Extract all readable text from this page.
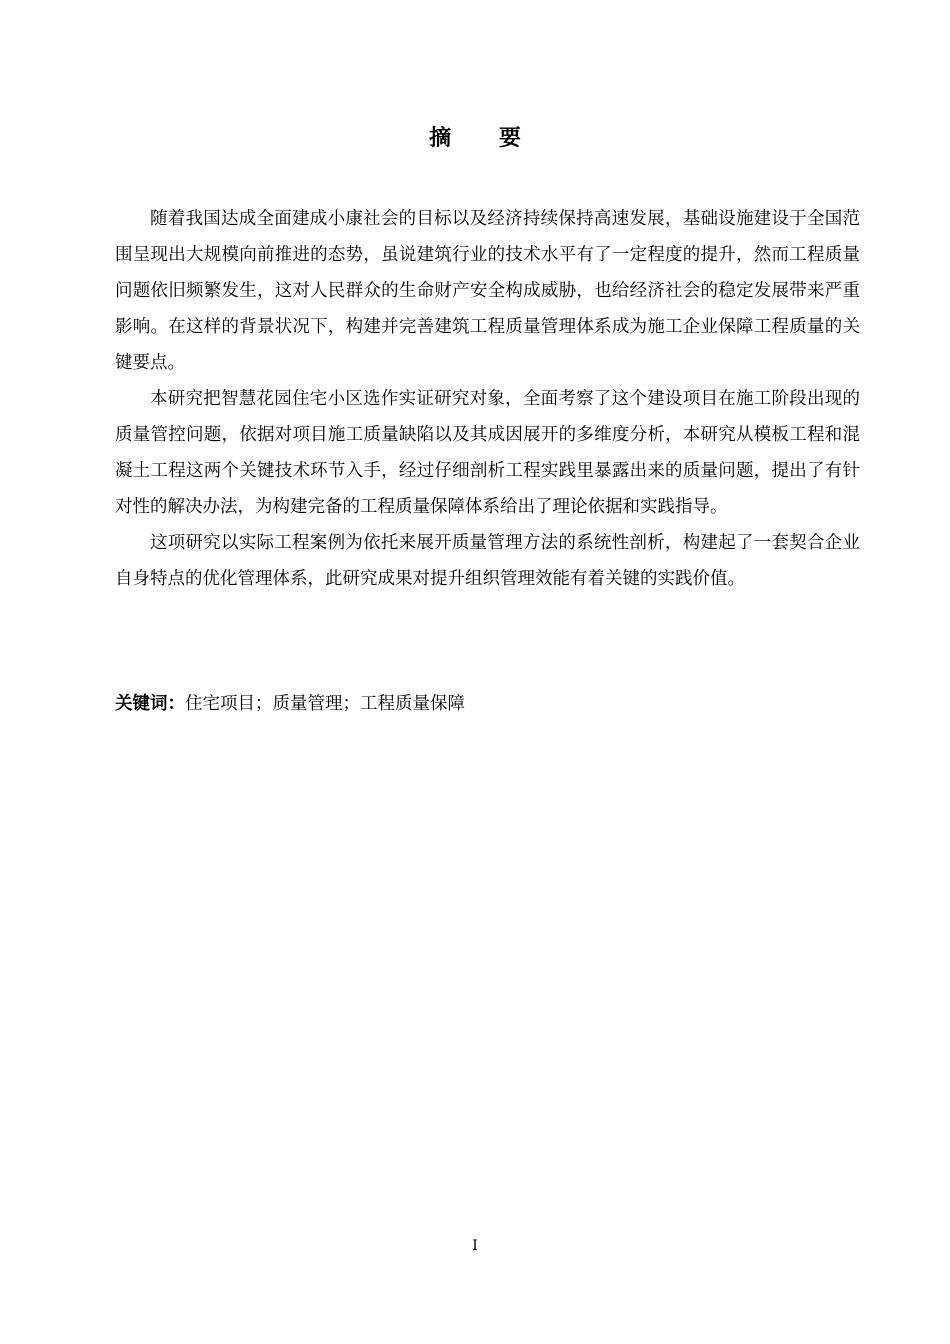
摘 要

随着我国达成全面建成小康社会的目标以及经济持续保持高速发展，基础设施建设于全国范围呈现出大规模向前推进的态势，虽说建筑行业的技术水平有了一定程度的提升，然而工程质量问题依旧频繁发生，这对人民群众的生命财产安全构成威胁，也给经济社会的稳定发展带来严重影响。在这样的背景状况下，构建并完善建筑工程质量管理体系成为施工企业保障工程质量的关键要点。

本研究把智慧花园住宅小区选作实证研究对象，全面考察了这个建设项目在施工阶段出现的质量管控问题，依据对项目施工质量缺陷以及其成因展开的多维度分析，本研究从模板工程和混凝土工程这两个关键技术环节入手，经过仔细剖析工程实践里暴露出来的质量问题，提出了有针对性的解决办法，为构建完备的工程质量保障体系给出了理论依据和实践指导。

这项研究以实际工程案例为依托来展开质量管理方法的系统性剖析，构建起了一套契合企业自身特点的优化管理体系，此研究成果对提升组织管理效能有着关键的实践价值。

关键词：住宅项目；质量管理；工程质量保障
I
